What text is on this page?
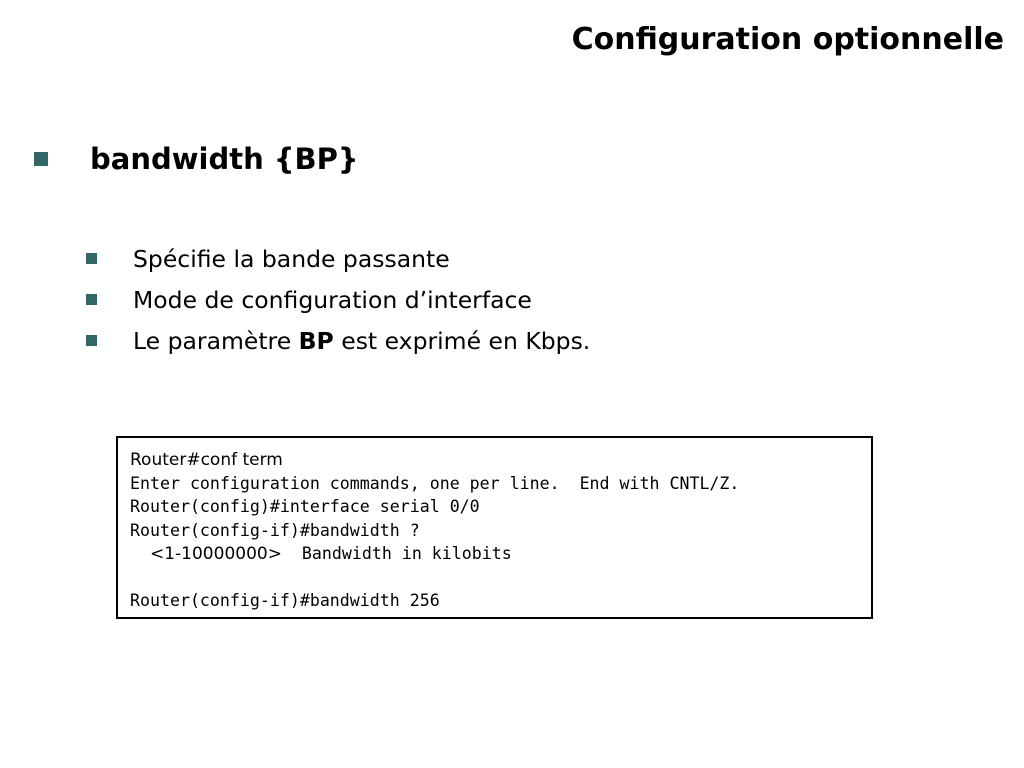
Configuration optionnelle
bandwidth {BP}
Spécifie la bande passante
Mode de configuration d’interface
Le paramètre BP est exprimé en Kbps.
Router#conf term
Enter configuration commands, one per line.  End with CNTL/Z.
Router(config)#interface serial 0/0
Router(config-if)#bandwidth ?
<1-10000000>  Bandwidth in kilobits
Router(config-if)#bandwidth 256
